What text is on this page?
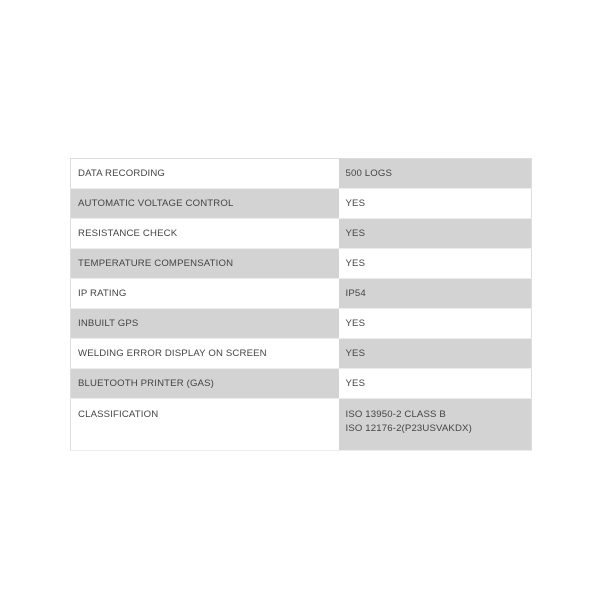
DATA RECORDING	500 LOGS
AUTOMATIC VOLTAGE CONTROL	YES
RESISTANCE CHECK	YES
TEMPERATURE COMPENSATION	YES
IP RATING	IP54
INBUILT GPS	YES
WELDING ERROR DISPLAY ON SCREEN	YES
BLUETOOTH PRINTER (GAS)	YES
CLASSIFICATION	ISO 13950-2 CLASS B
ISO 12176-2(P23USVAKDX)
